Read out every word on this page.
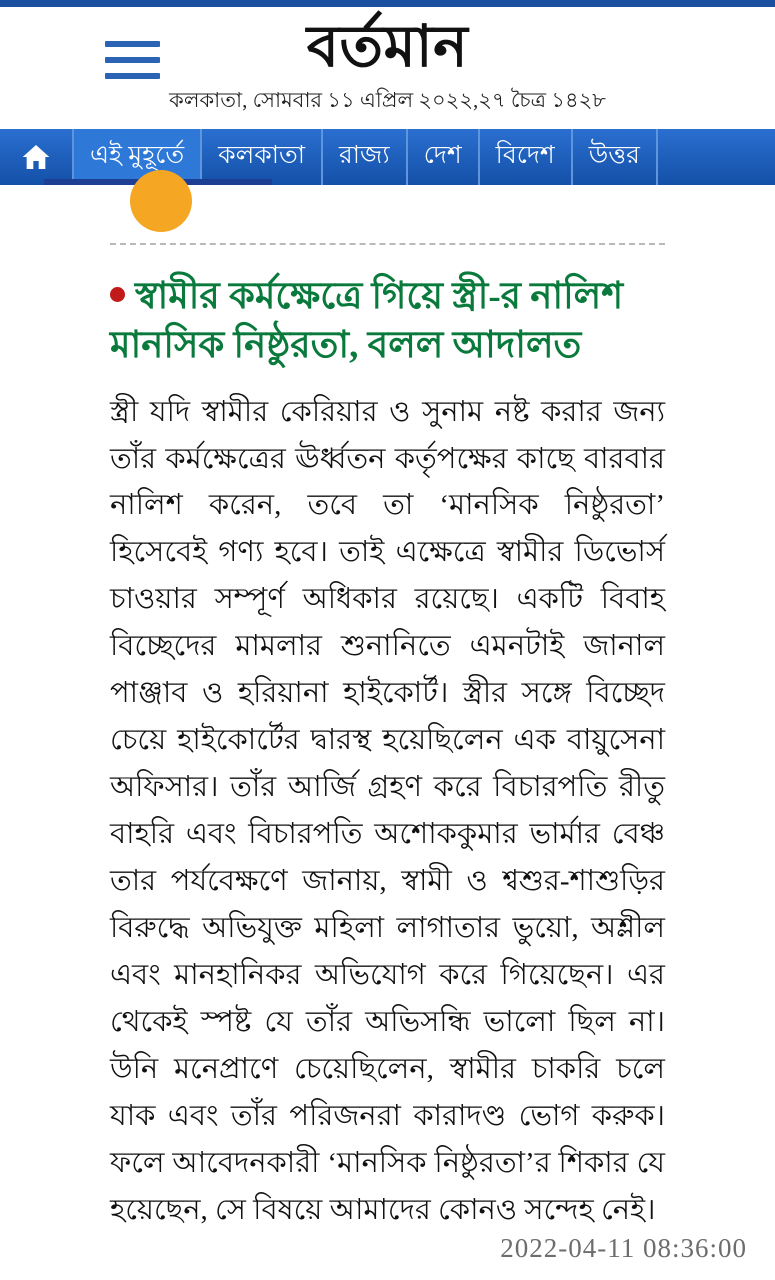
বর্তমান
কলকাতা, সোমবার ১১ এপ্রিল ২০২২,২৭ চৈত্র ১৪২৮
এই মুহূর্তে	কলকাতা	রাজ্য	দেশ	বিদেশ	উত্তর
স্বামীর কর্মক্ষেত্রে গিয়ে স্ত্রী-র নালিশ
মানসিক নিষ্ঠুরতা, বলল আদালত

স্ত্রী যদি স্বামীর কেরিয়ার ও সুনাম নষ্ট করার জন্য তাঁর কর্মক্ষেত্রের ঊর্ধ্বতন কর্তৃপক্ষের কাছে বারবার নালিশ করেন, তবে তা ‘মানসিক নিষ্ঠুরতা’ হিসেবেই গণ্য হবে। তাই এক্ষেত্রে স্বামীর ডিভোর্স চাওয়ার সম্পূর্ণ অধিকার রয়েছে। একটি বিবাহ বিচ্ছেদের মামলার শুনানিতে এমনটাই জানাল পাঞ্জাব ও হরিয়ানা হাইকোর্ট। স্ত্রীর সঙ্গে বিচ্ছেদ চেয়ে হাইকোর্টের দ্বারস্থ হয়েছিলেন এক বায়ুসেনা অফিসার। তাঁর আর্জি গ্রহণ করে বিচারপতি রীতু বাহরি এবং বিচারপতি অশোককুমার ভার্মার বেঞ্চ তার পর্যবেক্ষণে জানায়, স্বামী ও শ্বশুর-শাশুড়ির বিরুদ্ধে অভিযুক্ত মহিলা লাগাতার ভুয়ো, অশ্লীল এবং মানহানিকর অভিযোগ করে গিয়েছেন। এর থেকেই স্পষ্ট যে তাঁর অভিসন্ধি ভালো ছিল না। উনি মনেপ্রাণে চেয়েছিলেন, স্বামীর চাকরি চলে যাক এবং তাঁর পরিজনরা কারাদণ্ড ভোগ করুক। ফলে আবেদনকারী ‘মানসিক নিষ্ঠুরতা’র শিকার যে হয়েছেন, সে বিষয়ে আমাদের কোনও সন্দেহ নেই।

2022-04-11 08:36:00
